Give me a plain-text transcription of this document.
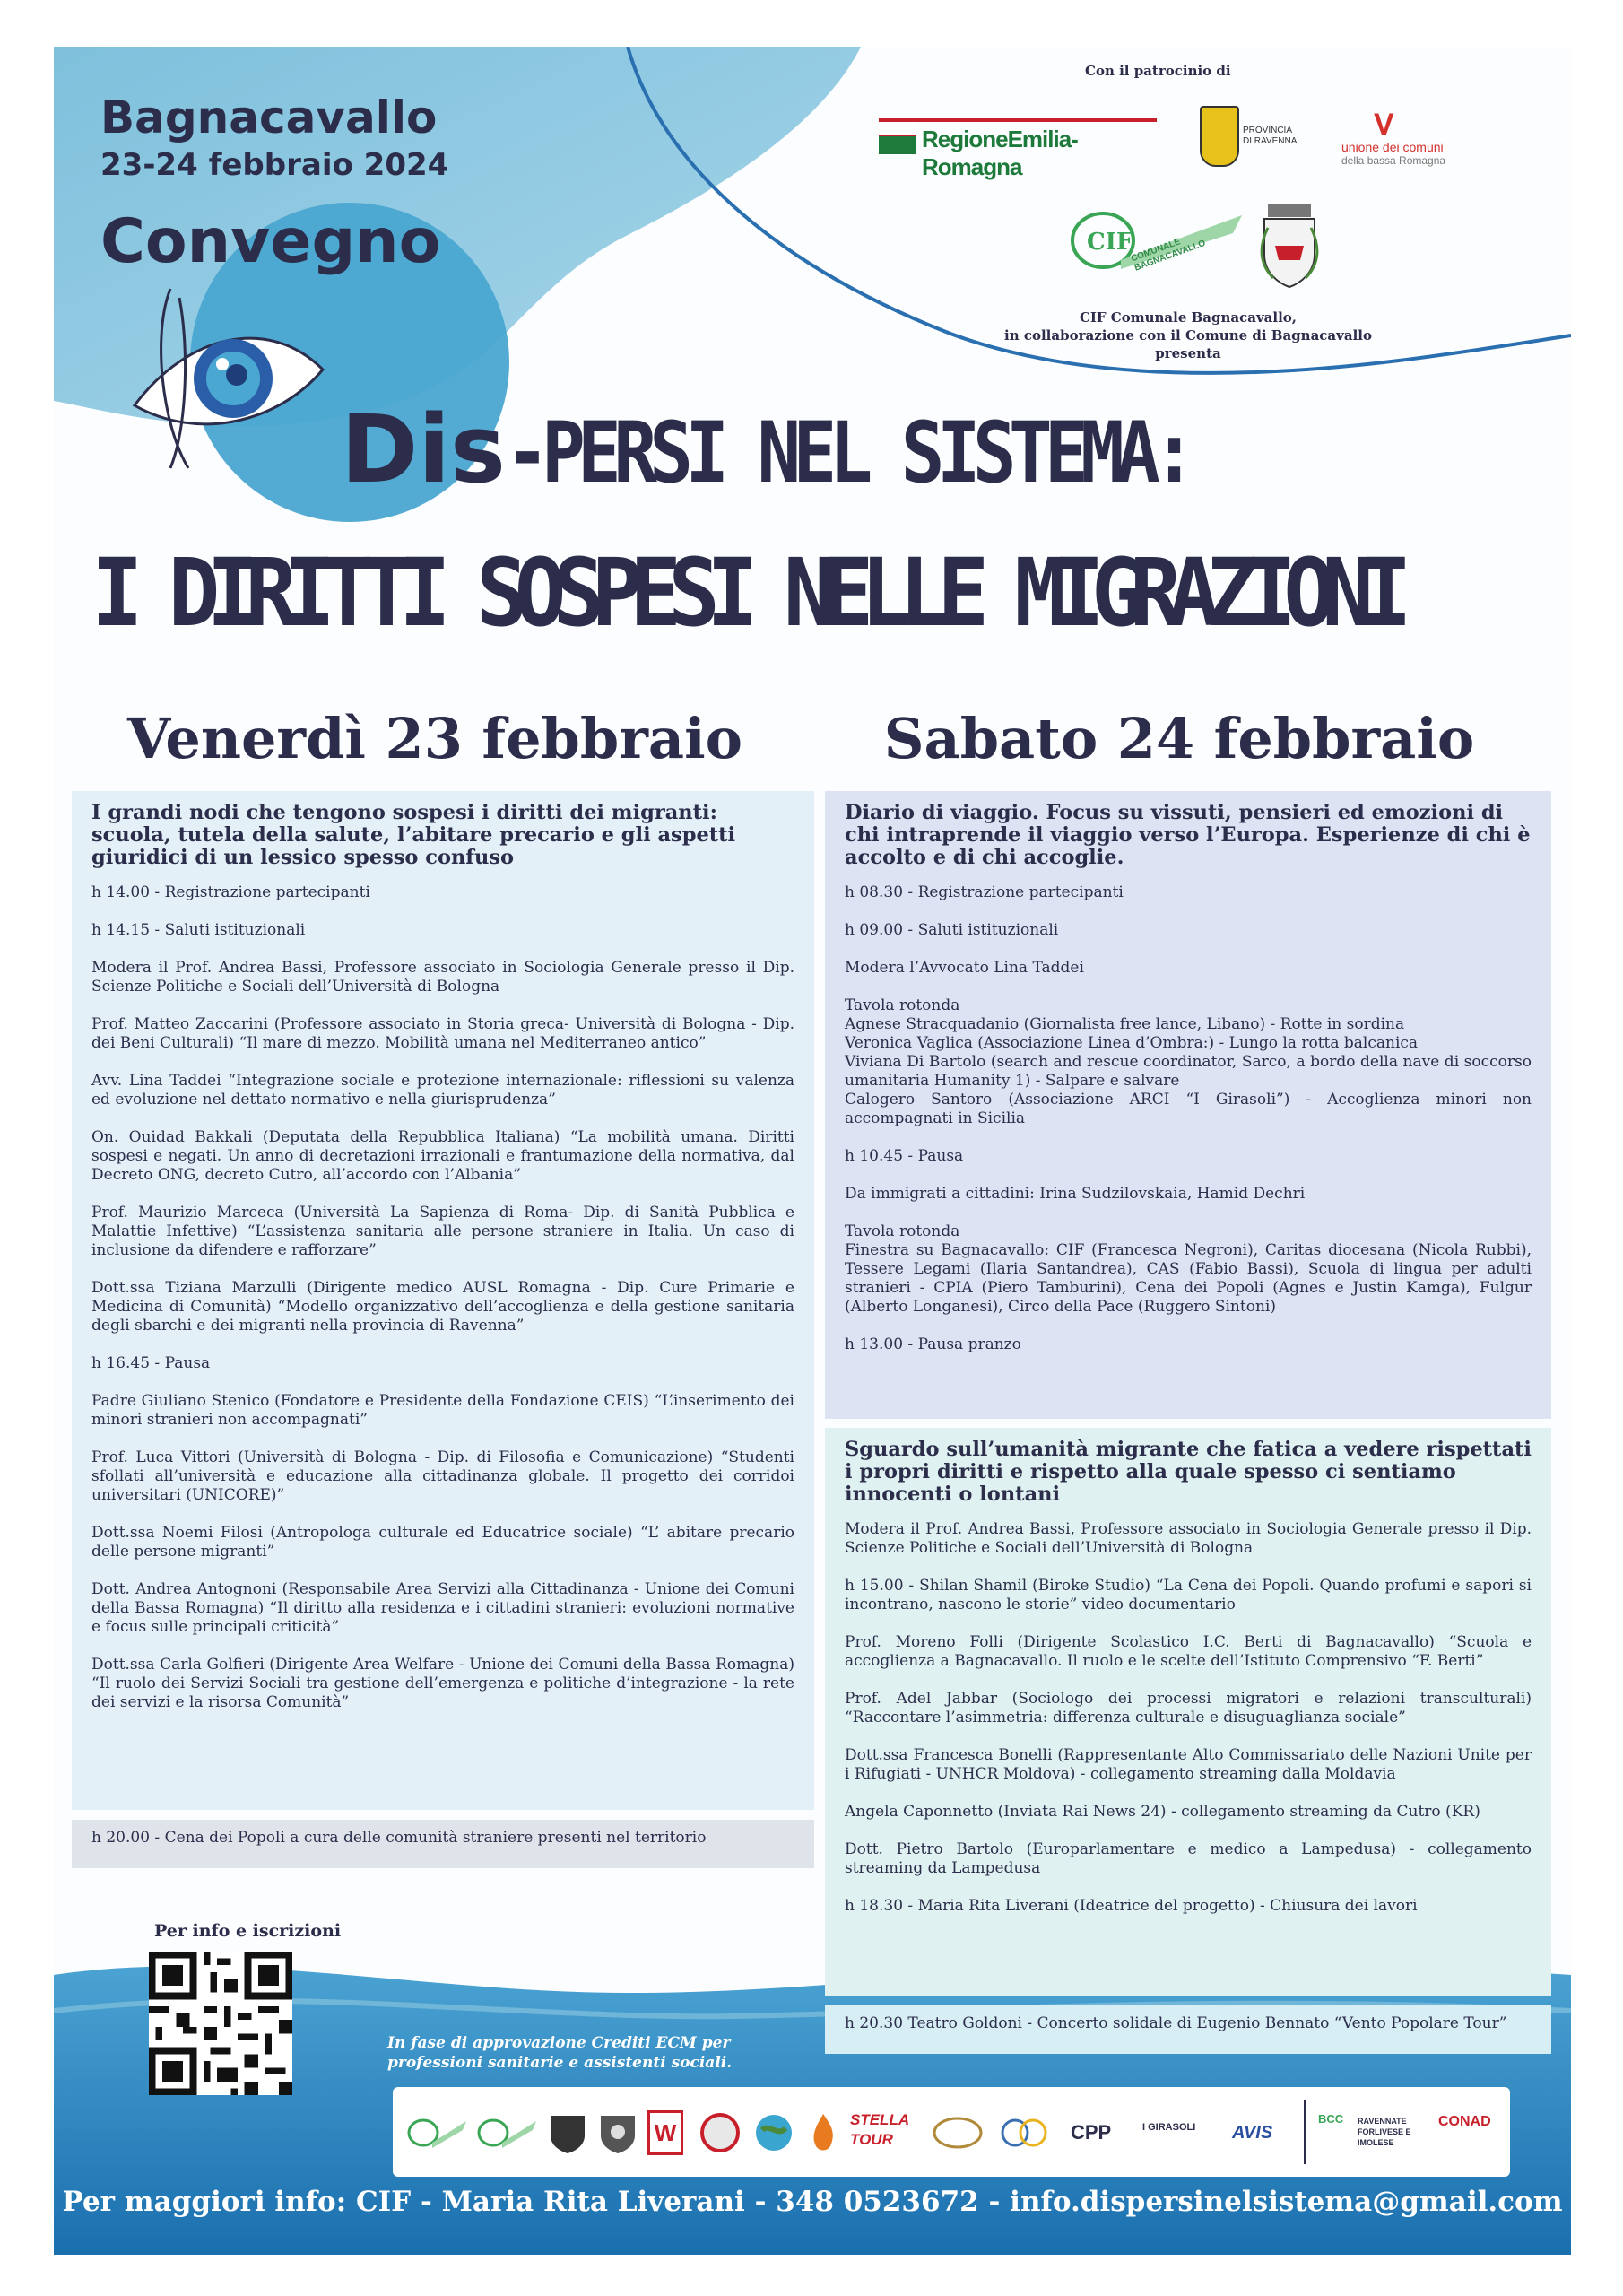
Bagnacavallo
23-24 febbraio 2024
Convegno
Con il patrocinio di
RegioneEmilia-Romagna
PROVINCIA
DI RAVENNA	V
unione dei comuni
della bassa Romagna
CIF
COMUNALE BAGNACAVALLO
CIF Comunale Bagnacavallo,
in collaborazione con il Comune di Bagnacavallo
presenta
Dis-PERSI NEL SISTEMA:
I DIRITTI SOSPESI NELLE MIGRAZIONI
Venerdì 23 febbraio	Sabato 24 febbraio
I grandi nodi che tengono sospesi i diritti dei migranti: scuola, tutela della salute, l’abitare precario e gli aspetti giuridici di un lessico spesso confuso
h 14.00 - Registrazione partecipanti
h 14.15 - Saluti istituzionali
Modera il Prof. Andrea Bassi, Professore associato in Sociologia Generale presso il Dip. Scienze Politiche e Sociali dell’Università di Bologna
Prof. Matteo Zaccarini (Professore associato in Storia greca- Università di Bologna - Dip. dei Beni Culturali) “Il mare di mezzo. Mobilità umana nel Mediterraneo antico”
Avv. Lina Taddei “Integrazione sociale e protezione internazionale: riflessioni su valenza ed evoluzione nel dettato normativo e nella giurisprudenza”
On. Ouidad Bakkali (Deputata della Repubblica Italiana) “La mobilità umana. Diritti sospesi e negati. Un anno di decretazioni irrazionali e frantumazione della normativa, dal Decreto ONG, decreto Cutro, all’accordo con l’Albania”
Prof. Maurizio Marceca (Università La Sapienza di Roma- Dip. di Sanità Pubblica e Malattie Infettive) “L’assistenza sanitaria alle persone straniere in Italia. Un caso di inclusione da difendere e rafforzare”
Dott.ssa Tiziana Marzulli (Dirigente medico AUSL Romagna - Dip. Cure Primarie e Medicina di Comunità) “Modello organizzativo dell’accoglienza e della gestione sanitaria degli sbarchi e dei migranti nella provincia di Ravenna”
h 16.45 - Pausa
Padre Giuliano Stenico (Fondatore e Presidente della Fondazione CEIS) “L’inserimento dei minori stranieri non accompagnati”
Prof. Luca Vittori (Università di Bologna - Dip. di Filosofia e Comunicazione) “Studenti sfollati all’università e educazione alla cittadinanza globale. Il progetto dei corridoi universitari (UNICORE)”
Dott.ssa Noemi Filosi (Antropologa culturale ed Educatrice sociale) “L’ abitare precario delle persone migranti”
Dott. Andrea Antognoni (Responsabile Area Servizi alla Cittadinanza - Unione dei Comuni della Bassa Romagna) “Il diritto alla residenza e i cittadini stranieri: evoluzioni normative e focus sulle principali criticità”
Dott.ssa Carla Golfieri (Dirigente Area Welfare - Unione dei Comuni della Bassa Romagna) “Il ruolo dei Servizi Sociali tra gestione dell’emergenza e politiche d’integrazione - la rete dei servizi e la risorsa Comunità”
h 20.00 - Cena dei Popoli a cura delle comunità straniere presenti nel territorio
Diario di viaggio. Focus su vissuti, pensieri ed emozioni di chi intraprende il viaggio verso l’Europa. Esperienze di chi è accolto e di chi accoglie.
h 08.30 - Registrazione partecipanti
h 09.00 - Saluti istituzionali
Modera l’Avvocato Lina Taddei
Tavola rotonda
Agnese Stracquadanio (Giornalista free lance, Libano) - Rotte in sordina
Veronica Vaglica (Associazione Linea d’Ombra:) - Lungo la rotta balcanica
Viviana Di Bartolo (search and rescue coordinator, Sarco, a bordo della nave di soccorso umanitaria Humanity 1) - Salpare e salvare
Calogero Santoro (Associazione ARCI “I Girasoli”) - Accoglienza minori non accompagnati in Sicilia
h 10.45 - Pausa
Da immigrati a cittadini: Irina Sudzilovskaia, Hamid Dechri
Tavola rotonda
Finestra su Bagnacavallo: CIF (Francesca Negroni), Caritas diocesana (Nicola Rubbi), Tessere Legami (Ilaria Santandrea), CAS (Fabio Bassi), Scuola di lingua per adulti stranieri - CPIA (Piero Tamburini), Cena dei Popoli (Agnes e Justin Kamga), Fulgur (Alberto Longanesi), Circo della Pace (Ruggero Sintoni)
h 13.00 - Pausa pranzo
Sguardo sull’umanità migrante che fatica a vedere rispettati i propri diritti e rispetto alla quale spesso ci sentiamo innocenti o lontani
Modera il Prof. Andrea Bassi, Professore associato in Sociologia Generale presso il Dip. Scienze Politiche e Sociali dell’Università di Bologna
h 15.00 - Shilan Shamil (Biroke Studio) “La Cena dei Popoli. Quando profumi e sapori si incontrano, nascono le storie” video documentario
Prof. Moreno Folli (Dirigente Scolastico I.C. Berti di Bagnacavallo) “Scuola e accoglienza a Bagnacavallo. Il ruolo e le scelte dell’Istituto Comprensivo “F. Berti”
Prof. Adel Jabbar (Sociologo dei processi migratori e relazioni transculturali) “Raccontare l’asimmetria: differenza culturale e disuguaglianza sociale”
Dott.ssa Francesca Bonelli (Rappresentante Alto Commissariato delle Nazioni Unite per i Rifugiati - UNHCR Moldova) - collegamento streaming dalla Moldavia
Angela Caponnetto (Inviata Rai News 24) - collegamento streaming da Cutro (KR)
Dott. Pietro Bartolo (Europarlamentare e medico a Lampedusa) - collegamento streaming da Lampedusa
h 18.30 - Maria Rita Liverani (Ideatrice del progetto) - Chiusura dei lavori
h 20.30 Teatro Goldoni - Concerto solidale di Eugenio Bennato “Vento Popolare Tour”
Per info e iscrizioni
In fase di approvazione Crediti ECM per professioni sanitarie e assistenti sociali.
W	STELLA TOUR	CPP	I GIRASOLI	AVIS
BCC	RAVENNATE FORLIVESE E IMOLESE
CONAD
Per maggiori info: CIF - Maria Rita Liverani - 348 0523672 - info.dispersinelsistema@gmail.com
